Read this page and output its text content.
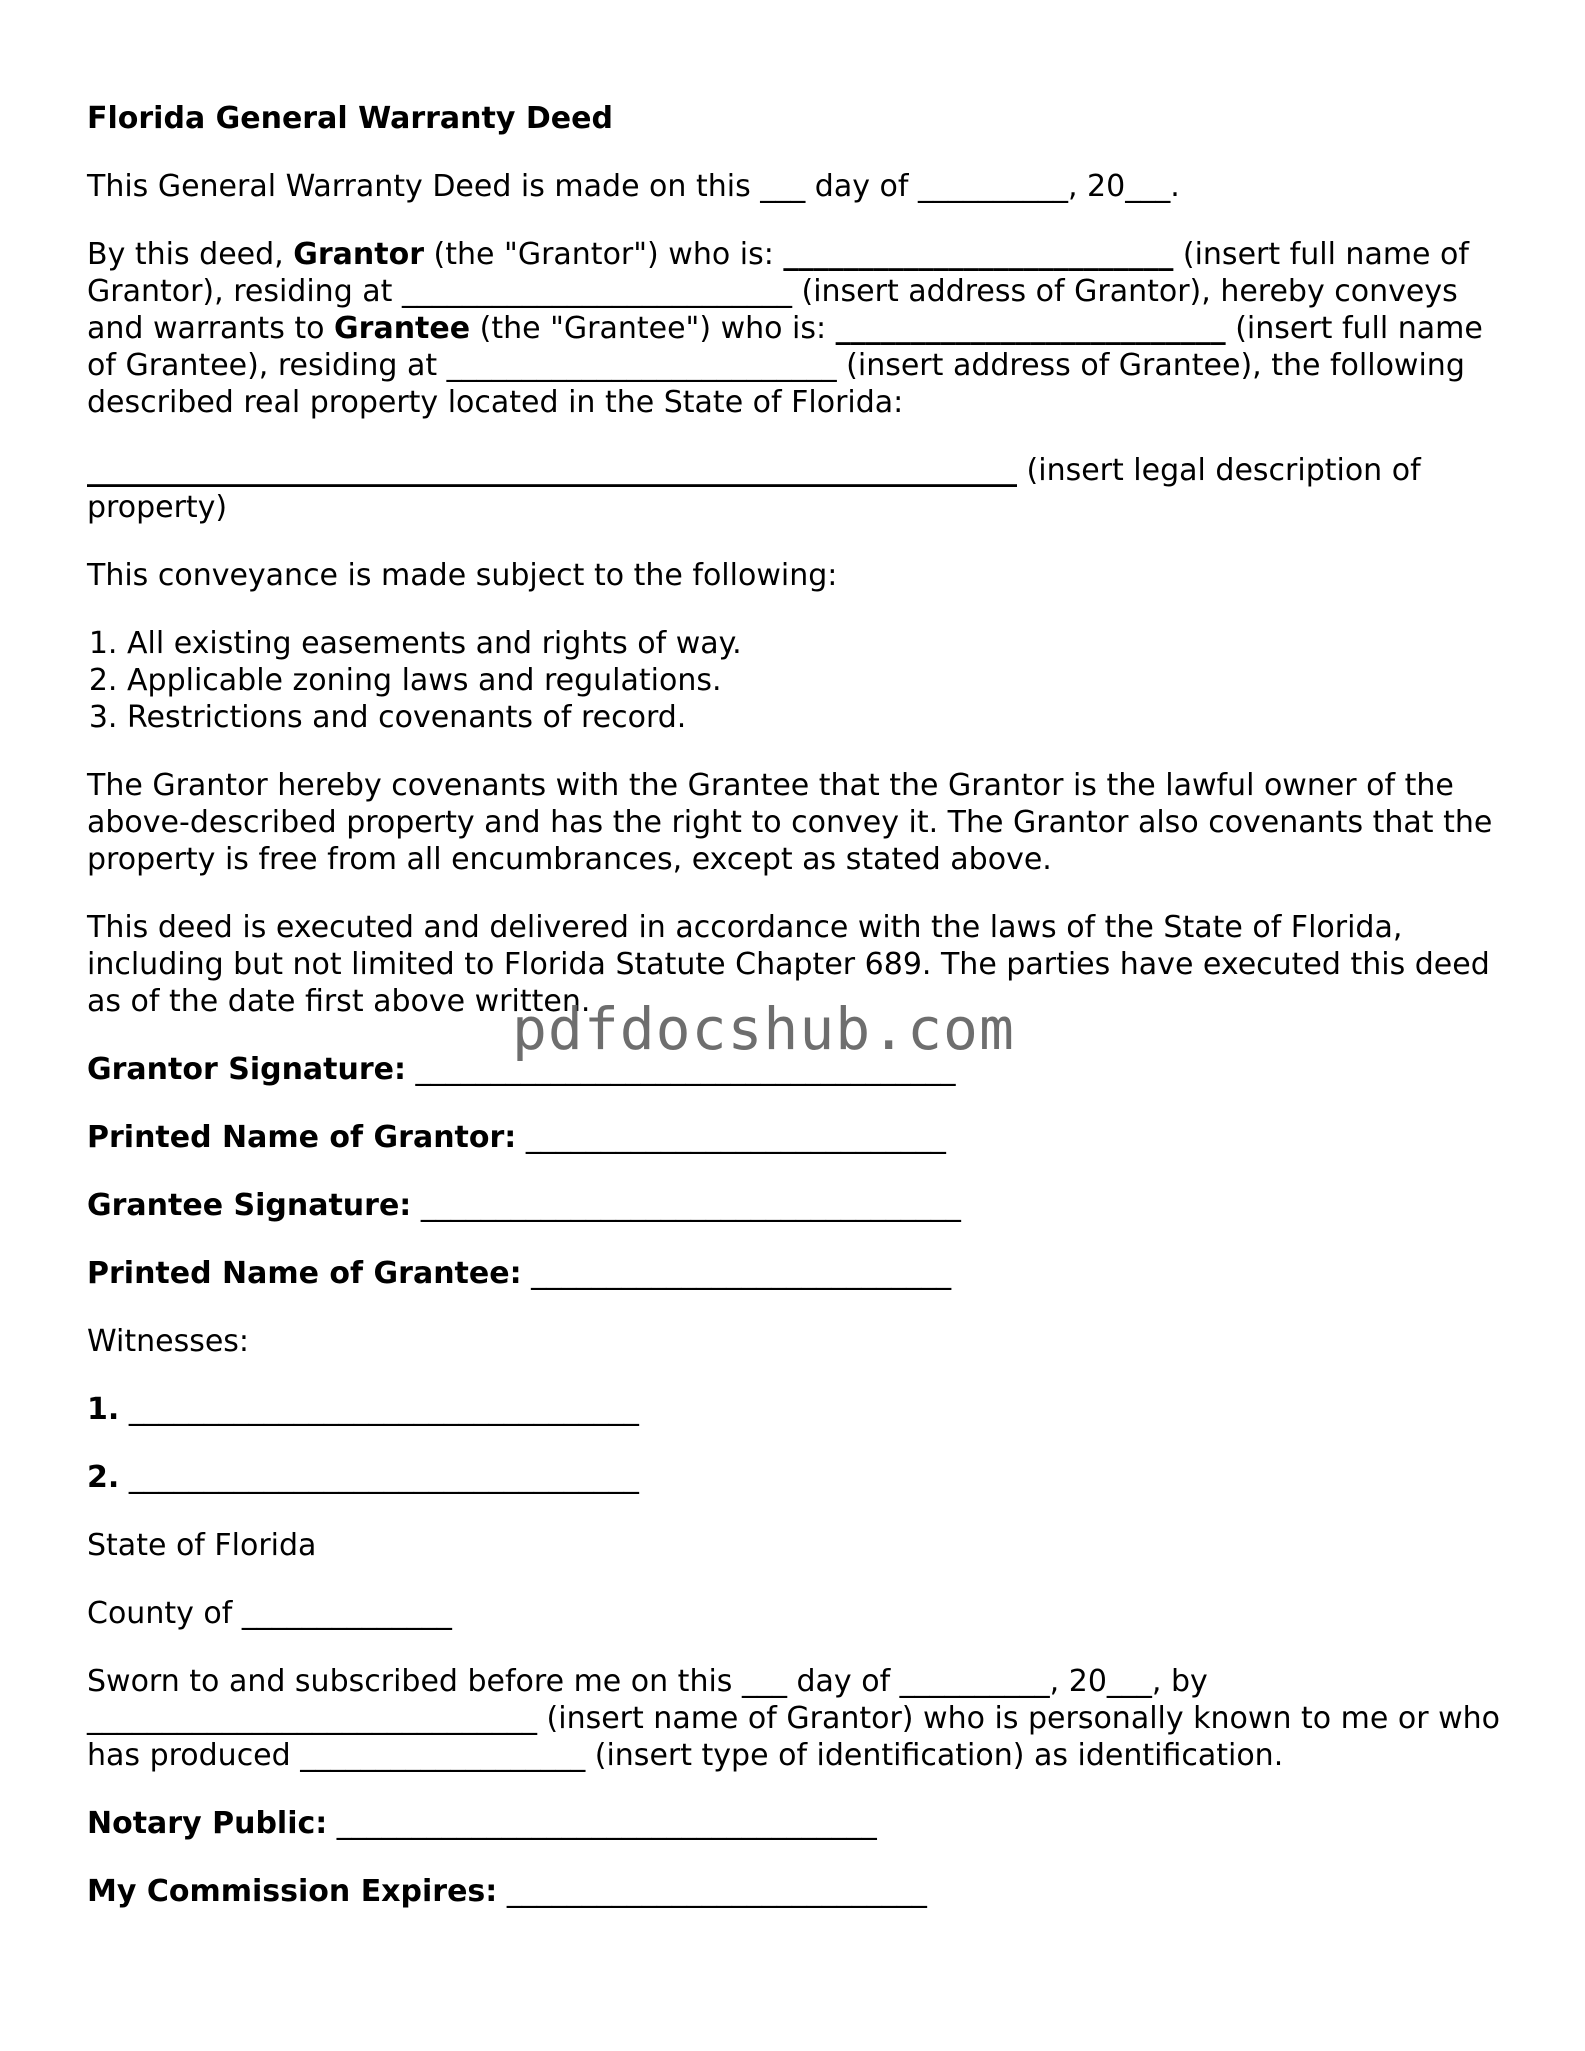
Florida General Warranty Deed

This General Warranty Deed is made on this ___ day of __________, 20___.

By this deed, Grantor (the "Grantor") who is: __________________________ (insert full name of Grantor), residing at __________________________ (insert address of Grantor), hereby conveys and warrants to Grantee (the "Grantee") who is: __________________________ (insert full name of Grantee), residing at __________________________ (insert address of Grantee), the following described real property located in the State of Florida:

______________________________________________________________ (insert legal description of property)

This conveyance is made subject to the following:

1. All existing easements and rights of way.
2. Applicable zoning laws and regulations.
3. Restrictions and covenants of record.

The Grantor hereby covenants with the Grantee that the Grantor is the lawful owner of the above-described property and has the right to convey it. The Grantor also covenants that the property is free from all encumbrances, except as stated above.

This deed is executed and delivered in accordance with the laws of the State of Florida, including but not limited to Florida Statute Chapter 689. The parties have executed this deed as of the date first above written.

Grantor Signature: ____________________________________
Printed Name of Grantor: ____________________________
Grantee Signature: ____________________________________
Printed Name of Grantee: ____________________________

Witnesses:

1. __________________________________
2. __________________________________

State of Florida

County of ______________

Sworn to and subscribed before me on this ___ day of __________, 20___, by ______________________________ (insert name of Grantor) who is personally known to me or who has produced ___________________ (insert type of identification) as identification.

Notary Public: ____________________________________
My Commission Expires: ____________________________
pdfdocshub.com
